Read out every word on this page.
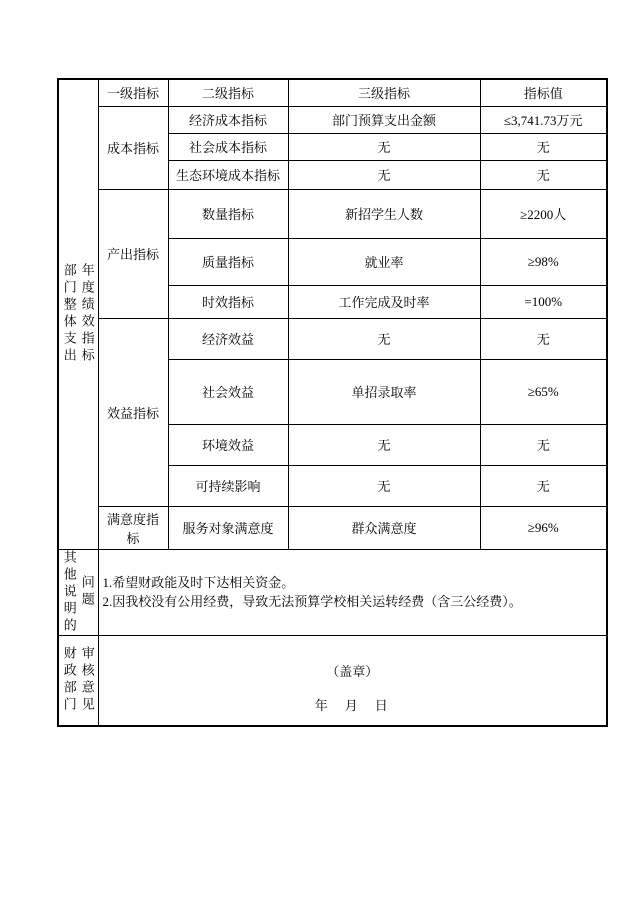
部门整体支出 年度绩效指标	一级指标	二级指标	三级指标	指标值
	成本指标	经济成本指标	部门预算支出金额	≤3,741.73万元
		社会成本指标	无	无
		生态环境成本指标	无	无
	产出指标	数量指标	新招学生人数	≥2200人
		质量指标	就业率	≥98%
		时效指标	工作完成及时率	=100%
	效益指标	经济效益	无	无
		社会效益	单招录取率	≥65%
		环境效益	无	无
		可持续影响	无	无
	满意度指标	服务对象满意度	群众满意度	≥96%

其他说明的 问题	1.希望财政能及时下达相关资金。
2.因我校没有公用经费，导致无法预算学校相关运转经费（含三公经费）。

财政部门 审核意见	（盖章）
年　月　日
